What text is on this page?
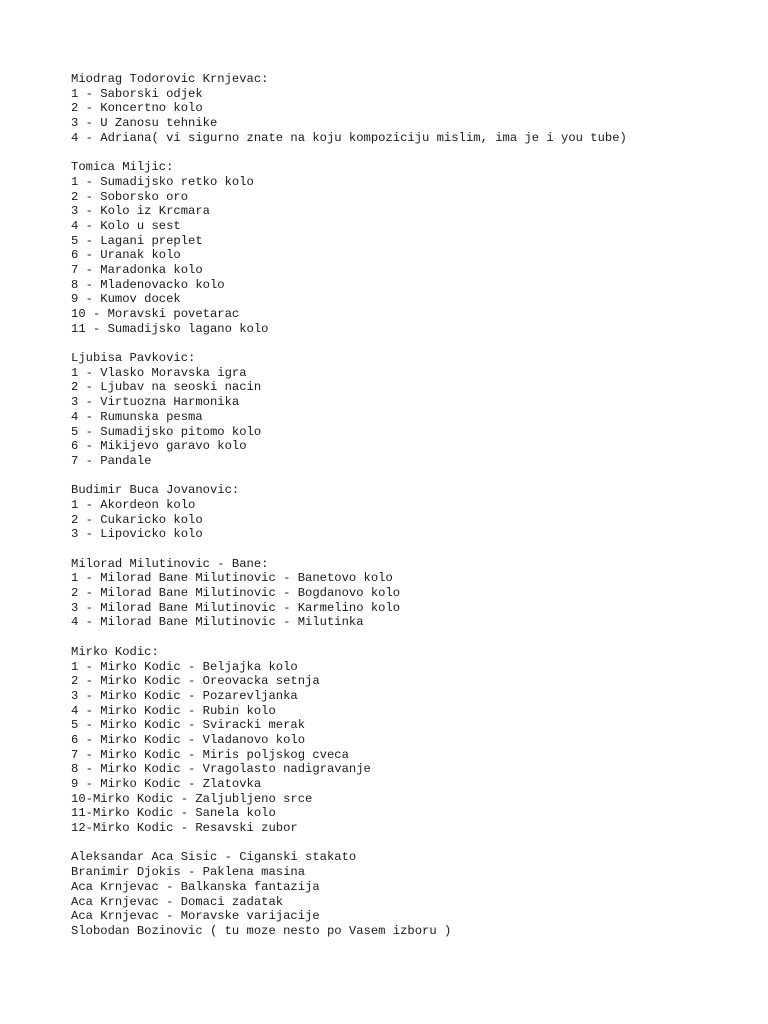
Miodrag Todorovic Krnjevac:
1 - Saborski odjek
2 - Koncertno kolo
3 - U Zanosu tehnike
4 - Adriana( vi sigurno znate na koju kompoziciju mislim, ima je i you tube)
Tomica Miljic:
1 - Sumadijsko retko kolo
2 - Soborsko oro
3 - Kolo iz Krcmara
4 - Kolo u sest
5 - Lagani preplet
6 - Uranak kolo
7 - Maradonka kolo
8 - Mladenovacko kolo
9 - Kumov docek
10 - Moravski povetarac
11 - Sumadijsko lagano kolo
Ljubisa Pavkovic:
1 - Vlasko Moravska igra
2 - Ljubav na seoski nacin
3 - Virtuozna Harmonika
4 - Rumunska pesma
5 - Sumadijsko pitomo kolo
6 - Mikijevo garavo kolo
7 - Pandale
Budimir Buca Jovanovic:
1 - Akordeon kolo
2 - Cukaricko kolo
3 - Lipovicko kolo
Milorad Milutinovic - Bane:
1 - Milorad Bane Milutinovic - Banetovo kolo
2 - Milorad Bane Milutinovic - Bogdanovo kolo
3 - Milorad Bane Milutinovic - Karmelino kolo
4 - Milorad Bane Milutinovic - Milutinka
Mirko Kodic:
1 - Mirko Kodic - Beljajka kolo
2 - Mirko Kodic - Oreovacka setnja
3 - Mirko Kodic - Pozarevljanka
4 - Mirko Kodic - Rubin kolo
5 - Mirko Kodic - Sviracki merak
6 - Mirko Kodic - Vladanovo kolo
7 - Mirko Kodic - Miris poljskog cveca
8 - Mirko Kodic - Vragolasto nadigravanje
9 - Mirko Kodic - Zlatovka
10-Mirko Kodic - Zaljubljeno srce
11-Mirko Kodic - Sanela kolo
12-Mirko Kodic - Resavski zubor
Aleksandar Aca Sisic - Ciganski stakato
Branimir Djokis - Paklena masina
Aca Krnjevac - Balkanska fantazija
Aca Krnjevac - Domaci zadatak
Aca Krnjevac - Moravske varijacije
Slobodan Bozinovic ( tu moze nesto po Vasem izboru )
